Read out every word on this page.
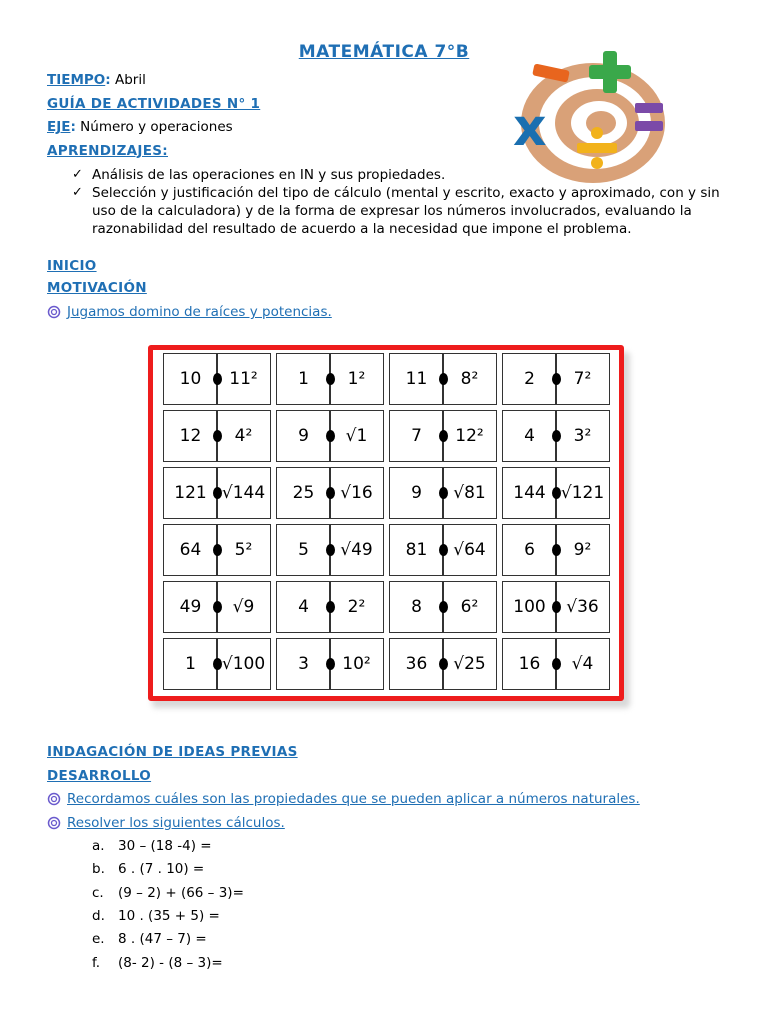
MATEMÁTICA 7°B
x
TIEMPO: Abril
GUÍA DE ACTIVIDADES N° 1
EJE: Número y operaciones
APRENDIZAJES:
✓ Análisis de las operaciones en IN y sus propiedades.
✓ Selección y justificación del tipo de cálculo (mental y escrito, exacto y aproximado, con y sin uso de la calculadora) y de la forma de expresar los números involucrados, evaluando la razonabilidad del resultado de acuerdo a la necesidad que impone el problema.
INICIO
MOTIVACIÓN
Jugamos domino de raíces y potencias.
10	11²	1	1²	11	8²	2	7²
12	4²	9	√1	7	12²	4	3²
121 √144	25	√16	9	√81	144 √121
64	5²	5	√49	81	√64	6	9²
49	√9	4	2²	8	6²	100	√36
1	√100	3	10²	36	√25	16	√4
INDAGACIÓN DE IDEAS PREVIAS
DESARROLLO
Recordamos cuáles son las propiedades que se pueden aplicar a números naturales.
Resolver los siguientes cálculos.
a. 30 – (18 -4) =
b. 6 . (7 . 10) =
c.	(9 – 2) + (66 – 3)=
d. 10 . (35 + 5) =
e. 8 . (47 – 7) =
f.	(8- 2) - (8 – 3)=
